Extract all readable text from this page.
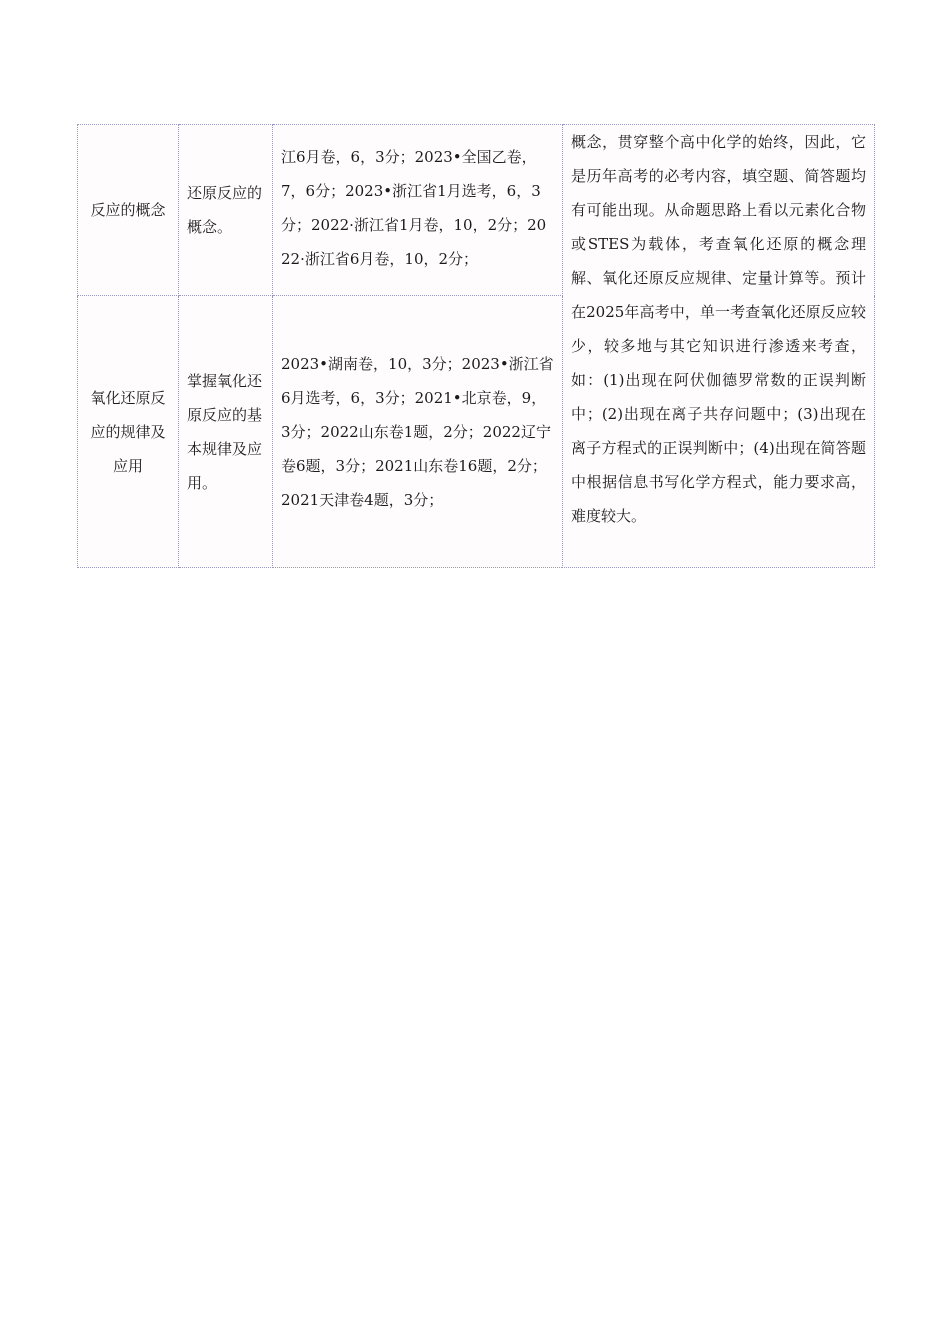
反应的概念	还原反应的概念。	江6月卷，6，3分；2023•全国乙卷，7，6分；2023•浙江省1月选考，6，3分；2022·浙江省1月卷，10，2分；2022·浙江省6月卷，10，2分；	概念，贯穿整个高中化学的始终，因此，它是历年高考的必考内容，填空题、简答题均有可能出现。从命题思路上看以元素化合物或STES为载体，考查氧化还原的概念理解、氧化还原反应规律、定量计算等。预计在2025年高考中，单一考查氧化还原反应较少，较多地与其它知识进行渗透来考查，如：(1)出现在阿伏伽德罗常数的正误判断中；(2)出现在离子共存问题中；(3)出现在离子方程式的正误判断中；(4)出现在简答题中根据信息书写化学方程式，能力要求高，难度较大。

氧化还原反应的规律及应用	掌握氧化还原反应的基本规律及应用。	2023•湖南卷，10，3分；2023•浙江省6月选考，6，3分；2021•北京卷，9，3分；2022山东卷1题，2分；2022辽宁卷6题，3分；2021山东卷16题，2分；2021天津卷4题，3分；	
